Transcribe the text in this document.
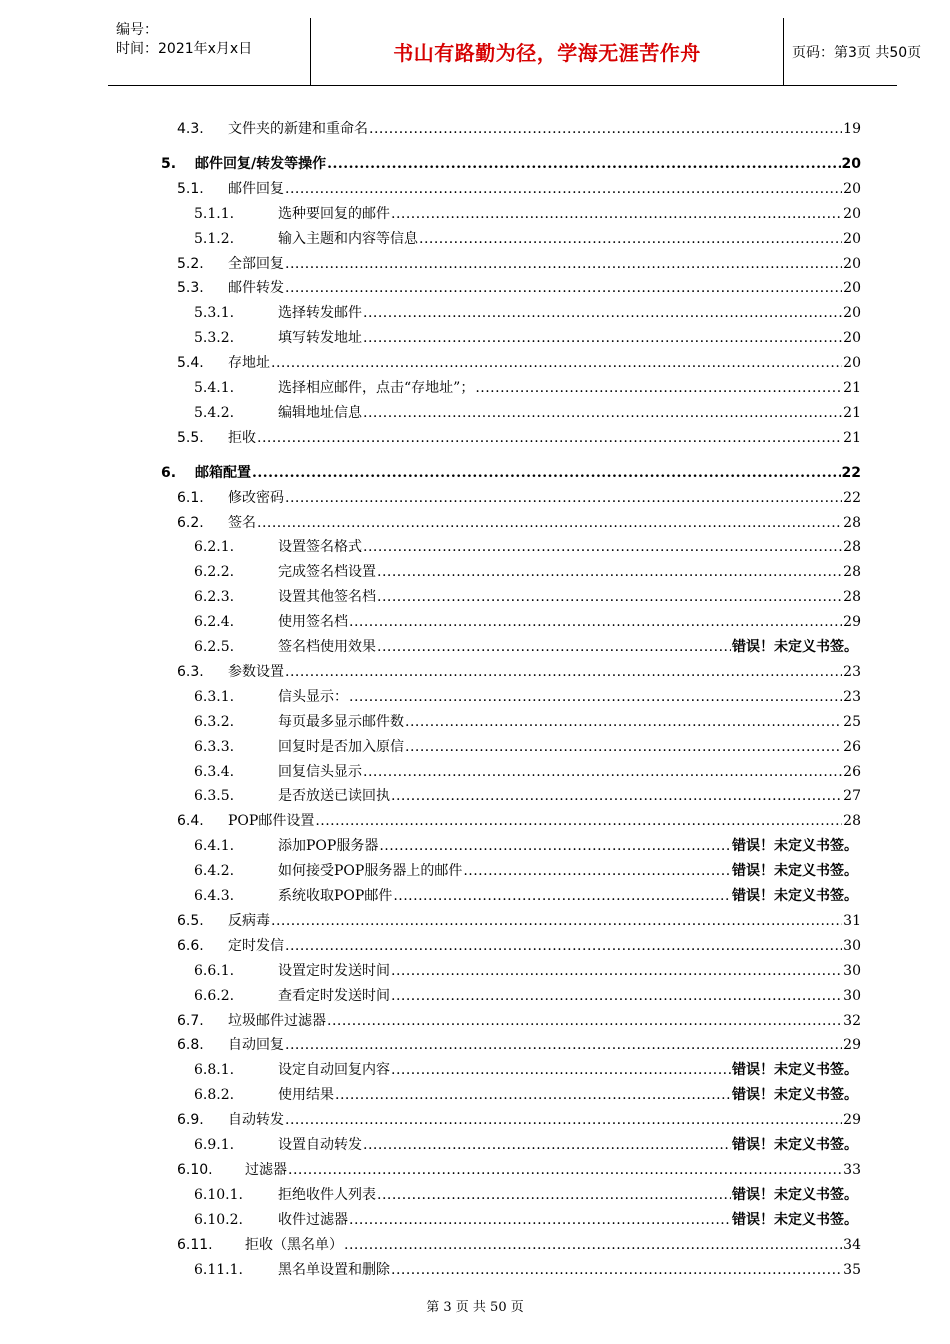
编号：
时间：2021年x月x日	书山有路勤为径，学海无涯苦作舟	页码：第3页 共50页
4.3.	文件夹的新建和重命名 .....	19
5.	邮件回复/转发等操作 .....	20
5.1.	邮件回复 .....	20
5.1.1.	选种要回复的邮件 .....	20
5.1.2.	输入主题和内容等信息 .....	20
5.2.	全部回复 .....	20
5.3.	邮件转发 .....	20
5.3.1.	选择转发邮件 .....	20
5.3.2.	填写转发地址 .....	20
5.4.	存地址 .....	20
5.4.1.	选择相应邮件，点击“存地址”； .....	21
5.4.2.	编辑地址信息 .....	21
5.5.	拒收 .....	21
6.	邮箱配置 .....	22
6.1.	修改密码 .....	22
6.2.	签名 .....	28
6.2.1.	设置签名格式 .....	28
6.2.2.	完成签名档设置 .....	28
6.2.3.	设置其他签名档 .....	28
6.2.4.	使用签名档 .....	29
6.2.5.	签名档使用效果 .....	错误！未定义书签。
6.3.	参数设置 .....	23
6.3.1.	信头显示： .....	23
6.3.2.	每页最多显示邮件数 .....	25
6.3.3.	回复时是否加入原信 .....	26
6.3.4.	回复信头显示 .....	26
6.3.5.	是否放送已读回执 .....	27
6.4.	POP邮件设置 .....	28
6.4.1.	添加POP服务器 .....	错误！未定义书签。
6.4.2.	如何接受POP服务器上的邮件 .....	错误！未定义书签。
6.4.3.	系统收取POP邮件 .....	错误！未定义书签。
6.5.	反病毒 .....	31
6.6.	定时发信 .....	30
6.6.1.	设置定时发送时间 .....	30
6.6.2.	查看定时发送时间 .....	30
6.7.	垃圾邮件过滤器 .....	32
6.8.	自动回复 .....	29
6.8.1.	设定自动回复内容 .....	错误！未定义书签。
6.8.2.	使用结果 .....	错误！未定义书签。
6.9.	自动转发 .....	29
6.9.1.	设置自动转发 .....	错误！未定义书签。
6.10.	过滤器 .....	33
6.10.1.	拒绝收件人列表 .....	错误！未定义书签。
6.10.2.	收件过滤器 .....	错误！未定义书签。
6.11.	拒收（黑名单） .....	34
6.11.1.	黑名单设置和删除 .....	35
第 3 页 共 50 页
